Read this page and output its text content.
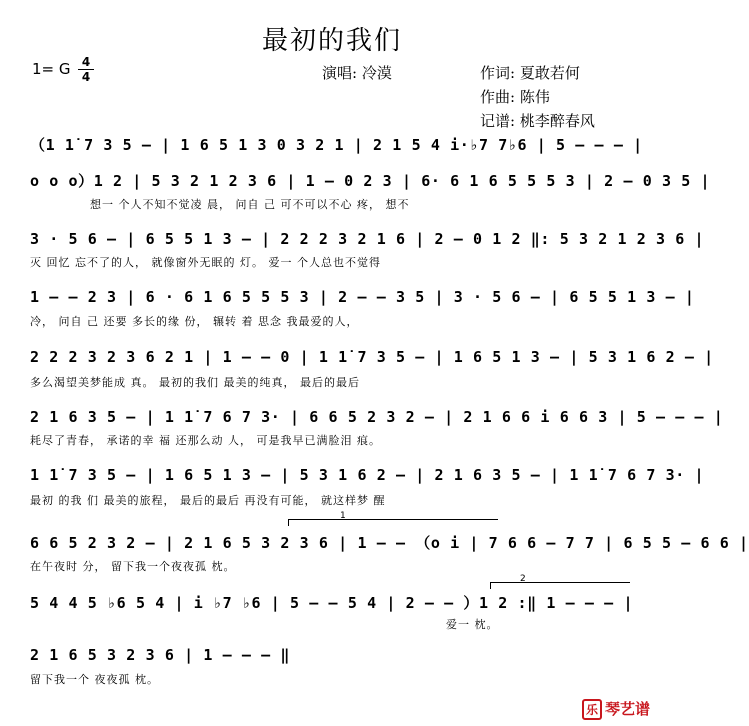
最初的我们
1= G 4
4	演唱: 冷漠	作词: 夏敢若何
作曲: 陈伟
记谱: 桃李醉春风
（1 1̇ 7 3 5 – | 1 6 5 1 3 0 3 2 1 | 2 1 5 4 i·♭7 7♭6 | 5 – – – |
o o o）1 2 | 5 3 2 1 2 3 6 | 1 – 0 2 3 | 6· 6 1 6 5 5 5 3 | 2 – 0 3 5 |
想一 个人不知不觉凌 晨， 问自 己 可不可以不心 疼， 想不
3 · 5 6 – | 6 5 5 1 3 – | 2 2 2 3 2 1 6 | 2 – 0 1 2 ‖: 5 3 2 1 2 3 6 |
灭 回忆 忘不了的人， 就像窗外无眠的 灯。 爱一 个人总也不觉得
1 – – 2 3 | 6 · 6 1 6 5 5 5 3 | 2 – – 3 5 | 3 · 5 6 – | 6 5 5 1 3 – |
冷， 问自 己 还要 多长的缘 份， 辗转 着 思念 我最爱的人，
2 2 2 3 2 3 6 2 1 | 1 – – 0 | 1 1̇ 7 3 5 – | 1 6 5 1 3 – | 5 3 1 6 2 – |
多么渴望美梦能成 真。 最初的我们 最美的纯真， 最后的最后
2 1 6 3 5 – | 1 1̇ 7 6 7 3· | 6 6 5 2 3 2 – | 2 1 6 6 i 6 6 3 | 5 – – – |
耗尽了青春， 承诺的幸 福 还那么动 人， 可是我早已满脸泪 痕。
1 1̇ 7 3 5 – | 1 6 5 1 3 – | 5 3 1 6 2 – | 2 1 6 3 5 – | 1 1̇ 7 6 7 3· |
最初 的我 们 最美的旅程， 最后的最后 再没有可能， 就这样梦 醒
1
6 6 5 2 3 2 – | 2 1 6 5 3 2 3 6 | 1 – – （o i | 7 6 6 – 7 7 | 6 5 5 – 6 6 |
在午夜时 分， 留下我一个夜夜孤 枕。
2
5 4 4 5 ♭6 5 4 | i ♭7 ♭6 | 5 – – 5 4 | 2 – – ）1 2 :‖ 1 – – – |
爱一 枕。
2 1 6 5 3 2 3 6 | 1 – – – ‖
留下我一个 夜夜孤 枕。
乐 琴艺谱
